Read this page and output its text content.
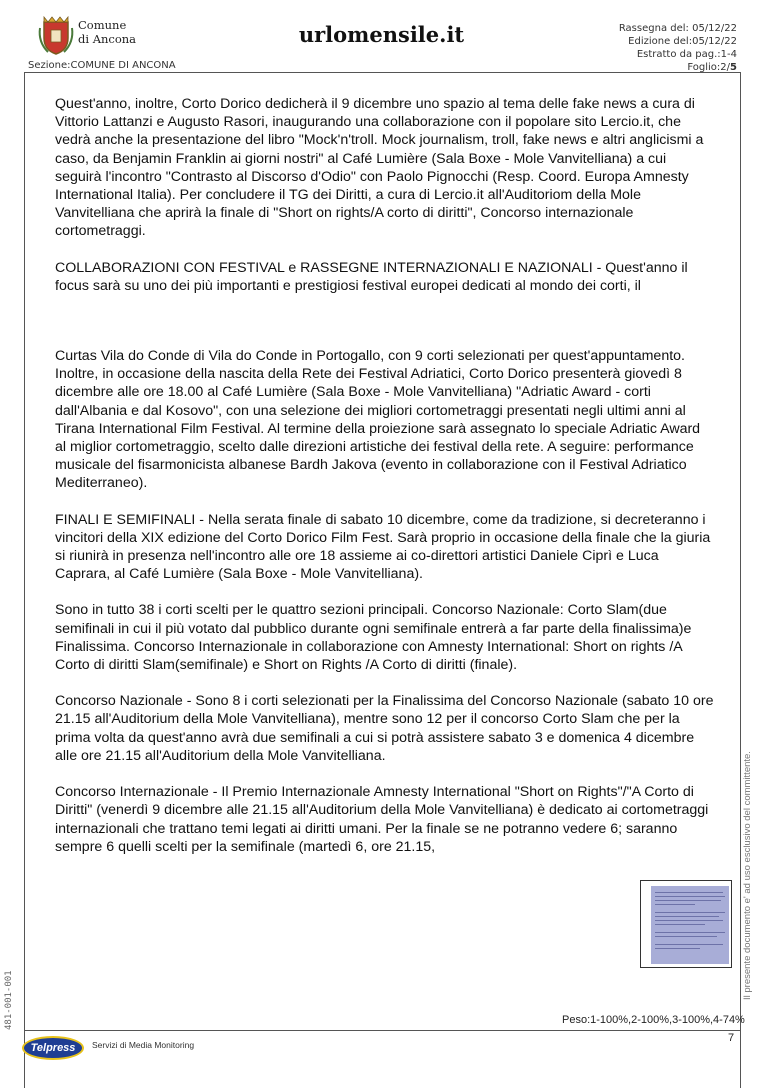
Comune
di Ancona	urlomensile.it	Rassegna del: 05/12/22
Edizione del:05/12/22
Estratto da pag.:1-4
Foglio:2/5
Sezione:COMUNE DI ANCONA

Quest'anno, inoltre, Corto Dorico dedicherà il 9 dicembre uno spazio al tema delle fake news a cura di Vittorio Lattanzi e Augusto Rasori, inaugurando una collaborazione con il popolare sito Lercio.it, che vedrà anche la presentazione del libro "Mock'n'troll. Mock journalism, troll, fake news e altri anglicismi a caso, da Benjamin Franklin ai giorni nostri" al Café Lumière (Sala Boxe - Mole Vanvitelliana) a cui seguirà l'incontro "Contrasto al Discorso d'Odio" con Paolo Pignocchi (Resp. Coord. Europa Amnesty International Italia). Per concludere il TG dei Diritti, a cura di Lercio.it all'Auditoriom della Mole Vanvitelliana che aprirà la finale di "Short on rights/A corto di diritti", Concorso internazionale cortometraggi.

COLLABORAZIONI CON FESTIVAL e RASSEGNE INTERNAZIONALI E NAZIONALI - Quest'anno il focus sarà su uno dei più importanti e prestigiosi festival europei dedicati al mondo dei corti, il

Curtas Vila do Conde di Vila do Conde in Portogallo, con 9 corti selezionati per quest'appuntamento. Inoltre, in occasione della nascita della Rete dei Festival Adriatici, Corto Dorico presenterà giovedì 8 dicembre alle ore 18.00 al Café Lumière (Sala Boxe - Mole Vanvitelliana) "Adriatic Award - corti dall'Albania e dal Kosovo", con una selezione dei migliori cortometraggi presentati negli ultimi anni al Tirana International Film Festival. Al termine della proiezione sarà assegnato lo speciale Adriatic Award al miglior cortometraggio, scelto dalle direzioni artistiche dei festival della rete. A seguire: performance musicale del fisarmonicista albanese Bardh Jakova (evento in collaborazione con il Festival Adriatico Mediterraneo).

FINALI E SEMIFINALI - Nella serata finale di sabato 10 dicembre, come da tradizione, si decreteranno i vincitori della XIX edizione del Corto Dorico Film Fest. Sarà proprio in occasione della finale che la giuria si riunirà in presenza nell'incontro alle ore 18 assieme ai co-direttori artistici Daniele Ciprì e Luca Caprara, al Café Lumière (Sala Boxe - Mole Vanvitelliana).

Sono in tutto 38 i corti scelti per le quattro sezioni principali. Concorso Nazionale: Corto Slam(due semifinali in cui il più votato dal pubblico durante ogni semifinale entrerà a far parte della finalissima)e Finalissima. Concorso Internazionale in collaborazione con Amnesty International: Short on rights /A Corto di diritti Slam(semifinale) e Short on Rights /A Corto di diritti (finale).

Concorso Nazionale - Sono 8 i corti selezionati per la Finalissima del Concorso Nazionale (sabato 10 ore 21.15 all'Auditorium della Mole Vanvitelliana), mentre sono 12 per il concorso Corto Slam che per la prima volta da quest'anno avrà due semifinali a cui si potrà assistere sabato 3 e domenica 4 dicembre alle ore 21.15 all'Auditorium della Mole Vanvitelliana.

Concorso Internazionale - Il Premio Internazionale Amnesty International "Short on Rights"/"A Corto di Diritti" (venerdì 9 dicembre alle 21.15 all'Auditorium della Mole Vanvitelliana) è dedicato ai cortometraggi internazionali che trattano temi legati ai diritti umani. Per la finale se ne potranno vedere 6; saranno sempre 6 quelli scelti per la semifinale (martedì 6, ore 21.15,	Il presente documento e' ad uso esclusivo del committente.
481-001-001	Peso:1-100%,2-100%,3-100%,4-74%
7
Telpress	Servizi di Media Monitoring
